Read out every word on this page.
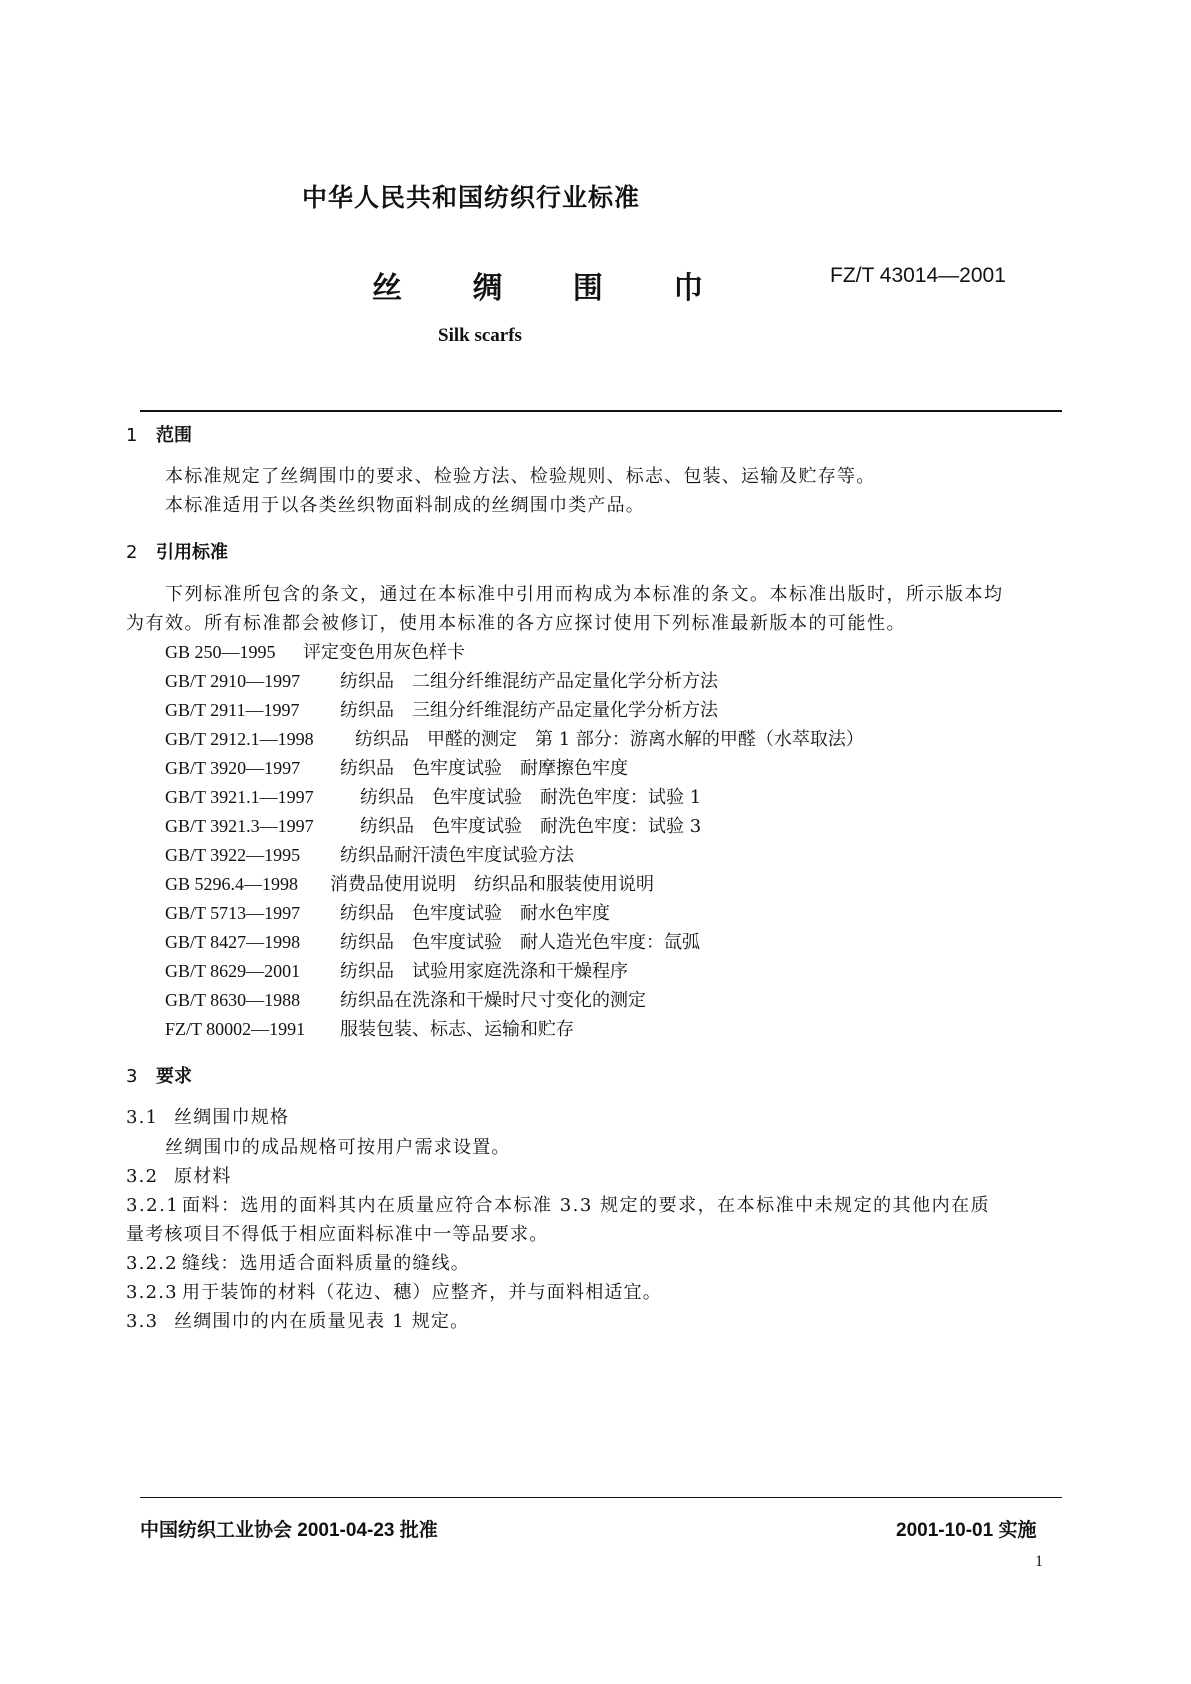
中华人民共和国纺织行业标准
丝 绸 围 巾	FZ/T 43014—2001
Silk scarfs
1 范围
本标准规定了丝绸围巾的要求、检验方法、检验规则、标志、包装、运输及贮存等。
本标准适用于以各类丝织物面料制成的丝绸围巾类产品。
2 引用标准
下列标准所包含的条文，通过在本标准中引用而构成为本标准的条文。本标准出版时，所示版本均
为有效。所有标准都会被修订，使用本标准的各方应探讨使用下列标准最新版本的可能性。
GB 250—1995 评定变色用灰色样卡
GB/T 2910—1997 纺织品　二组分纤维混纺产品定量化学分析方法
GB/T 2911—1997 纺织品　三组分纤维混纺产品定量化学分析方法
GB/T 2912.1—1998 纺织品　甲醛的测定　第 1 部分：游离水解的甲醛（水萃取法）
GB/T 3920—1997 纺织品　色牢度试验　耐摩擦色牢度
GB/T 3921.1—1997	纺织品　色牢度试验　耐洗色牢度：试验 1
GB/T 3921.3—1997	纺织品　色牢度试验　耐洗色牢度：试验 3
GB/T 3922—1995 纺织品耐汗渍色牢度试验方法
GB 5296.4—1998 消费品使用说明　纺织品和服装使用说明
GB/T 5713—1997 纺织品　色牢度试验　耐水色牢度
GB/T 8427—1998 纺织品　色牢度试验　耐人造光色牢度：氙弧
GB/T 8629—2001 纺织品　试验用家庭洗涤和干燥程序
GB/T 8630—1988 纺织品在洗涤和干燥时尺寸变化的测定
FZ/T 80002—1991 服装包装、标志、运输和贮存
3 要求
3.1 丝绸围巾规格
丝绸围巾的成品规格可按用户需求设置。
3.2 原材料
3.2.1 面料：选用的面料其内在质量应符合本标准 3.3 规定的要求，在本标准中未规定的其他内在质
量考核项目不得低于相应面料标准中一等品要求。
3.2.2 缝线：选用适合面料质量的缝线。
3.2.3 用于装饰的材料（花边、穗）应整齐，并与面料相适宜。
3.3 丝绸围巾的内在质量见表 1 规定。
中国纺织工业协会 2001-04-23 批准	2001-10-01 实施
1
